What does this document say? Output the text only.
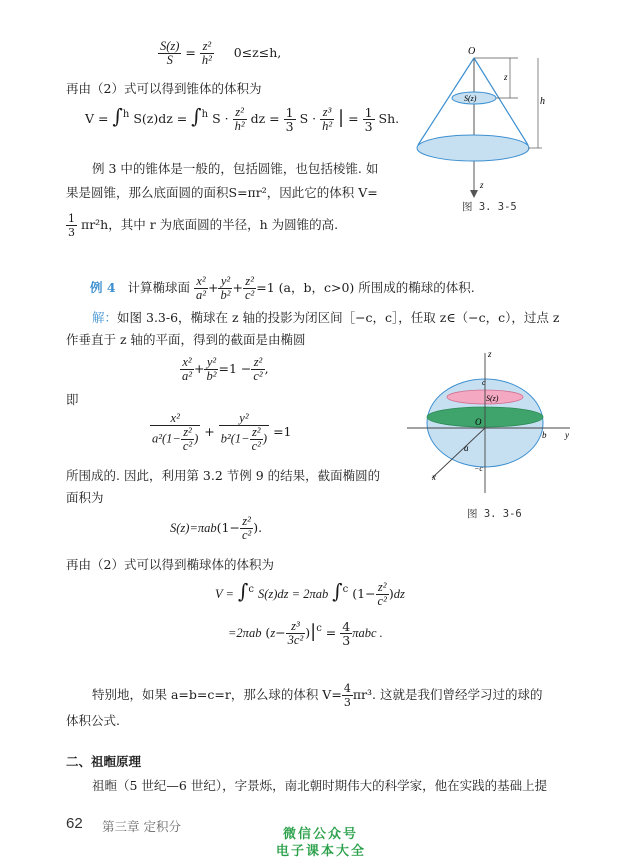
$\frac{S(z)}{S} = \frac{\text{z²}}{\text{h²}} 0\le z\le h$,
再由（2）式可以得到锥体的体积为
V = ∫$^h$ S(z)dz = ∫$^h$ $S \cdot \frac{\text{z²}}{\text{h²}}$ dz = $\frac{1}{3}$ $S \cdot \frac{\text{z³}}{\text{h²}}$ | = $\frac{1}{3} Sh$.
例 3 中的锥体是一般的，包括圆锥，也包括棱锥. 如
果是圆锥，那么底面圆的面积S=πr²，因此它的体积 V=
$\frac{1}{3} \pi r^2h$，其中 r 为底面圆的半径，h 为圆锥的高.
O
z
h
S(z)
z
图 3. 3-5
例 4 计算椭球面 $\frac{\text{x²}}{\text{a²}} + \frac{\text{y²}}{\text{b²}} + \frac{\text{z²}}{\text{c²}} =1$ (a，b，c>0) 所围成的椭球的体积.
解：如图 3.3-6，椭球在 z 轴的投影为闭区间［−c，c］，任取 z∈（−c，c），过点 z
作垂直于 z 轴的平面，得到的截面是由椭圆
$\frac{\text{x²}}{\text{a²}} + \frac{\text{y²}}{\text{b²}} =1 - \frac{\text{z²}}{\text{c²}}$ ,
即
$\frac{\text{x²}}{a^2(1- \frac{\text{z²}}{\text{c²}} )} + \frac{\text{y²}}{b^2(1- \frac{\text{z²}}{\text{c²}} )} =1$
所围成的. 因此，利用第 3.2 节例 9 的结果，截面椭圆的
面积为
$S(z)=\pi ab(1- \frac{\text{z²}}{\text{c²}}$ ).
再由（2）式可以得到椭球体的体积为
V = ∫$^c$ S(z)dz = 2πab ∫$^c$ $(1- \frac{\text{z²}}{\text{c²}} )dz$
=2πab $(z- \frac{\text{z³}}{\text{3c²}} )|^c = \frac{4}{3}$ πabc .
z
c
S(z)
O
a
b y
−c
x
图 3. 3-6
特别地，如果 a=b=c=r，那么球的体积 $V= \frac{4}{3} \pi r^3$. 这就是我们曾经学习过的球的
体积公式.
二、祖暅原理
祖暅（5 世纪—6 世纪），字景烁，南北朝时期伟大的科学家，他在实践的基础上提
62 第三章 定积分
微信公众号
电子课本大全
